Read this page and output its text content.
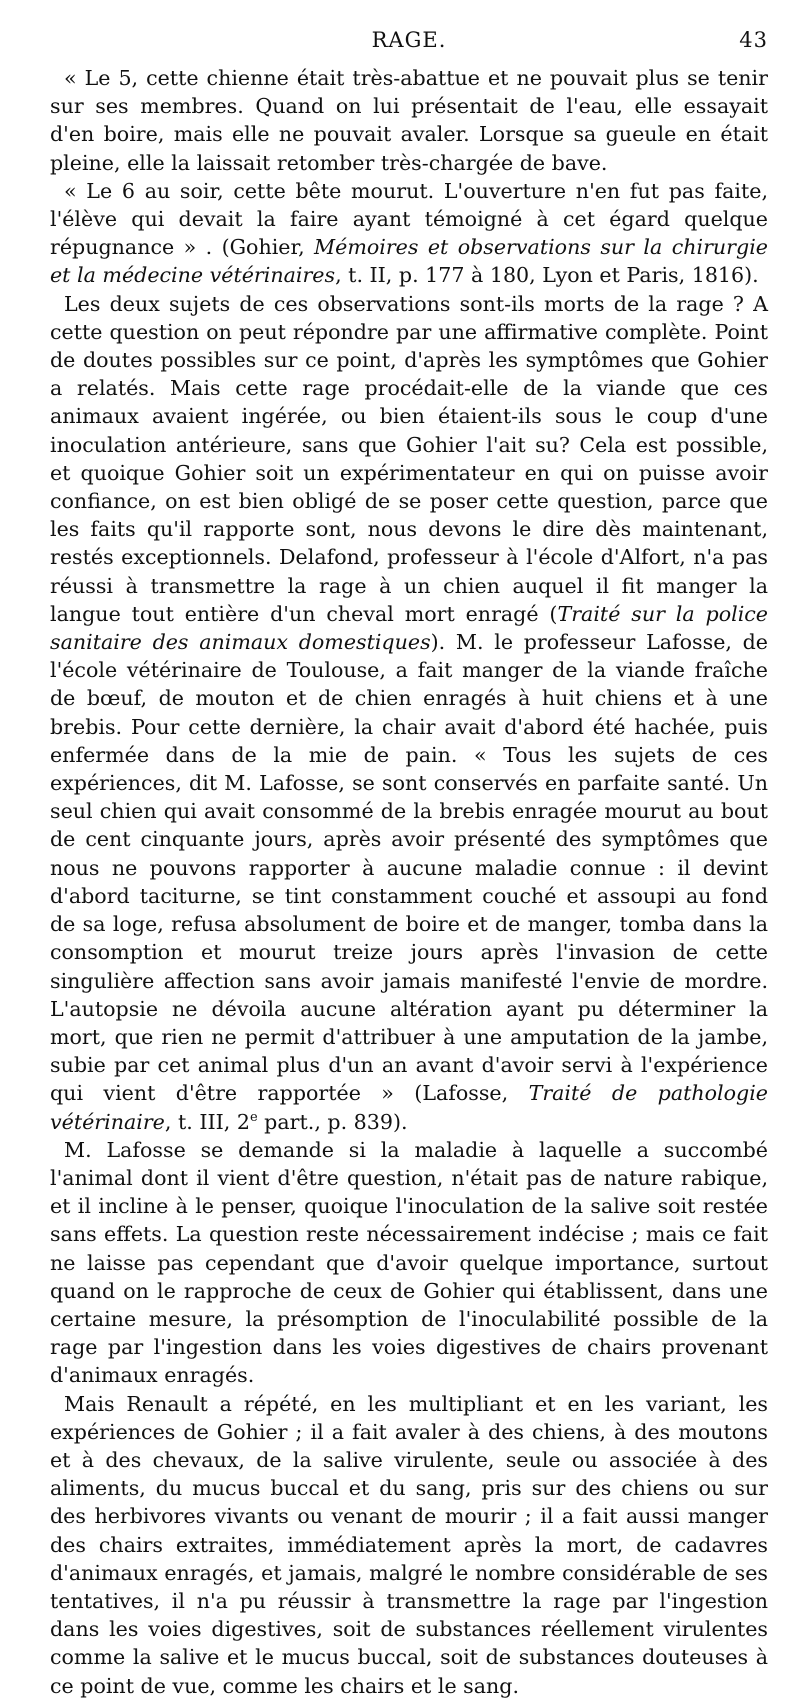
RAGE.	43

« Le 5, cette chienne était très-abattue et ne pouvait plus se tenir sur ses membres. Quand on lui présentait de l'eau, elle essayait d'en boire, mais elle ne pouvait avaler. Lorsque sa gueule en était pleine, elle la laissait retomber très-chargée de bave.

« Le 6 au soir, cette bête mourut. L'ouverture n'en fut pas faite, l'élève qui devait la faire ayant témoigné à cet égard quelque répugnance » . (Gohier, Mémoires et observations sur la chirurgie et la médecine vétérinaires, t. II, p. 177 à 180, Lyon et Paris, 1816).

Les deux sujets de ces observations sont-ils morts de la rage ? A cette question on peut répondre par une affirmative complète. Point de doutes possibles sur ce point, d'après les symptômes que Gohier a relatés. Mais cette rage procédait-elle de la viande que ces animaux avaient ingérée, ou bien étaient-ils sous le coup d'une inoculation antérieure, sans que Gohier l'ait su? Cela est possible, et quoique Gohier soit un expérimentateur en qui on puisse avoir confiance, on est bien obligé de se poser cette question, parce que les faits qu'il rapporte sont, nous devons le dire dès maintenant, restés exceptionnels. Delafond, professeur à l'école d'Alfort, n'a pas réussi à transmettre la rage à un chien auquel il fit manger la langue tout entière d'un cheval mort enragé (Traité sur la police sanitaire des animaux domestiques). M. le professeur Lafosse, de l'école vétérinaire de Toulouse, a fait manger de la viande fraîche de bœuf, de mouton et de chien enragés à huit chiens et à une brebis. Pour cette dernière, la chair avait d'abord été hachée, puis enfermée dans de la mie de pain. « Tous les sujets de ces expériences, dit M. Lafosse, se sont conservés en parfaite santé. Un seul chien qui avait consommé de la brebis enragée mourut au bout de cent cinquante jours, après avoir présenté des symptômes que nous ne pouvons rapporter à aucune maladie connue : il devint d'abord taciturne, se tint constamment couché et assoupi au fond de sa loge, refusa absolument de boire et de manger, tomba dans la consomption et mourut treize jours après l'invasion de cette singulière affection sans avoir jamais manifesté l'envie de mordre. L'autopsie ne dévoila aucune altération ayant pu déterminer la mort, que rien ne permit d'attribuer à une amputation de la jambe, subie par cet animal plus d'un an avant d'avoir servi à l'expérience qui vient d'être rapportée » (Lafosse, Traité de pathologie vétérinaire, t. III, 2e part., p. 839).

M. Lafosse se demande si la maladie à laquelle a succombé l'animal dont il vient d'être question, n'était pas de nature rabique, et il incline à le penser, quoique l'inoculation de la salive soit restée sans effets. La question reste nécessairement indécise ; mais ce fait ne laisse pas cependant que d'avoir quelque importance, surtout quand on le rapproche de ceux de Gohier qui établissent, dans une certaine mesure, la présomption de l'inoculabilité possible de la rage par l'ingestion dans les voies digestives de chairs provenant d'animaux enragés.

Mais Renault a répété, en les multipliant et en les variant, les expériences de Gohier ; il a fait avaler à des chiens, à des moutons et à des chevaux, de la salive virulente, seule ou associée à des aliments, du mucus buccal et du sang, pris sur des chiens ou sur des herbivores vivants ou venant de mourir ; il a fait aussi manger des chairs extraites, immédiatement après la mort, de cadavres d'animaux enragés, et jamais, malgré le nombre considérable de ses tentatives, il n'a pu réussir à transmettre la rage par l'ingestion dans les voies digestives, soit de substances réellement virulentes comme la salive et le mucus buccal, soit de substances douteuses à ce point de vue, comme les chairs et le sang.
